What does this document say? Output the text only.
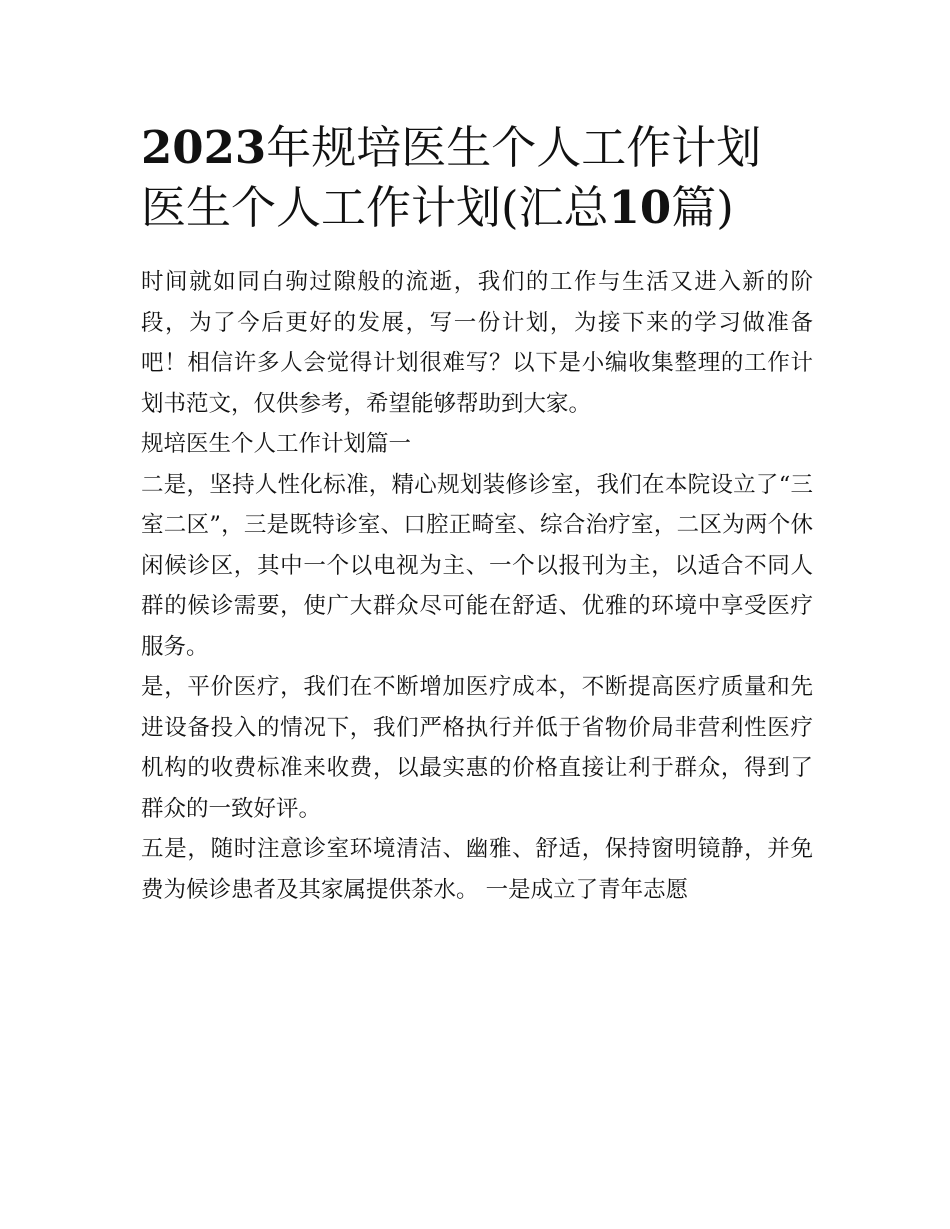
2023年规培医生个人工作计划
医生个人工作计划(汇总10篇)

时间就如同白驹过隙般的流逝，我们的工作与生活又进入新的阶段，为了今后更好的发展，写一份计划，为接下来的学习做准备吧！相信许多人会觉得计划很难写？以下是小编收集整理的工作计划书范文，仅供参考，希望能够帮助到大家。

规培医生个人工作计划篇一

二是，坚持人性化标准，精心规划装修诊室，我们在本院设立了“三室二区”，三是既特诊室、口腔正畸室、综合治疗室，二区为两个休闲候诊区，其中一个以电视为主、一个以报刊为主，以适合不同人群的候诊需要，使广大群众尽可能在舒适、优雅的环境中享受医疗服务。

是，平价医疗，我们在不断增加医疗成本，不断提高医疗质量和先进设备投入的情况下，我们严格执行并低于省物价局非营利性医疗机构的收费标准来收费，以最实惠的价格直接让利于群众，得到了群众的一致好评。

五是，随时注意诊室环境清洁、幽雅、舒适，保持窗明镜静，并免费为候诊患者及其家属提供茶水。 一是成立了青年志愿
